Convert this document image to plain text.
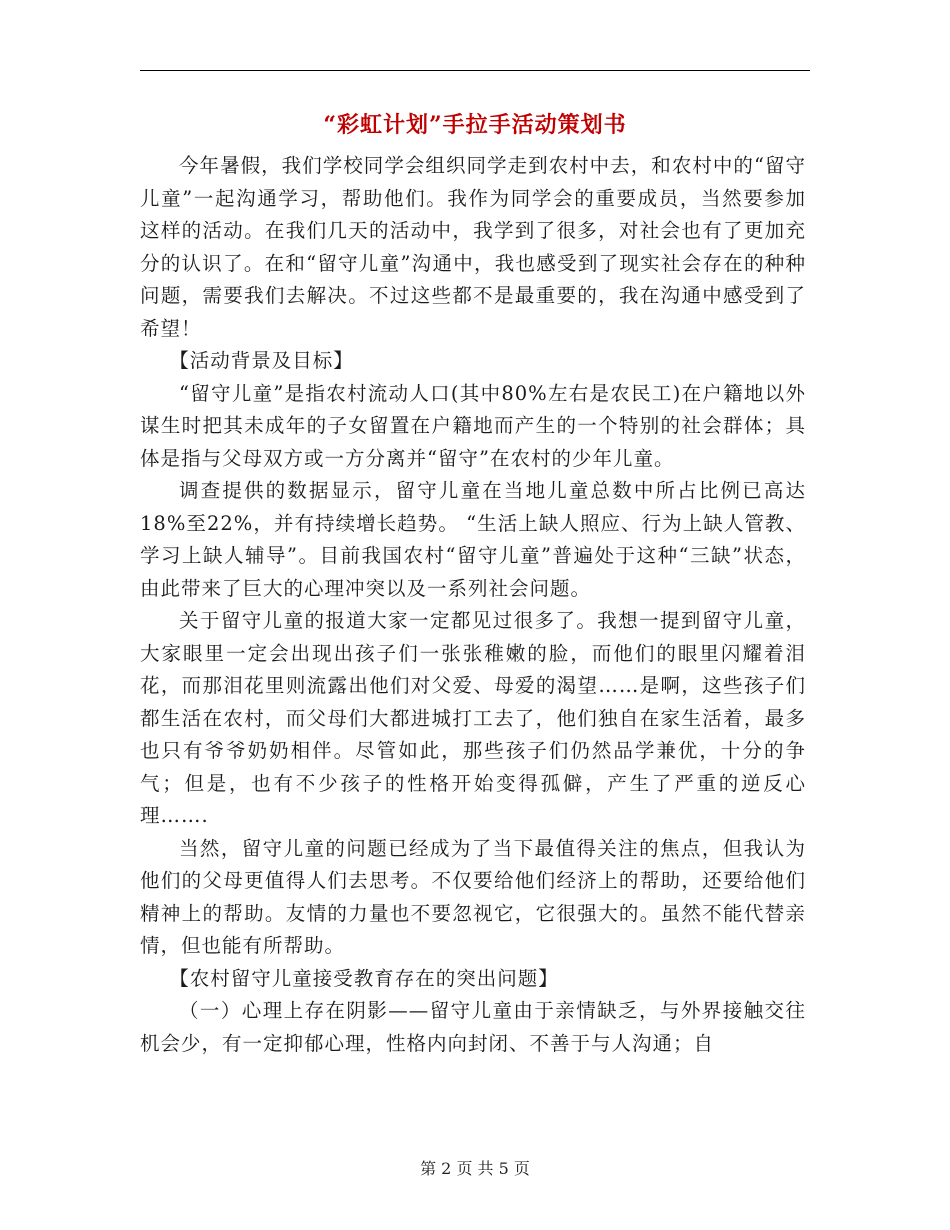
“彩虹计划”手拉手活动策划书

今年暑假，我们学校同学会组织同学走到农村中去，和农村中的“留守儿童”一起沟通学习，帮助他们。我作为同学会的重要成员，当然要参加这样的活动。在我们几天的活动中，我学到了很多，对社会也有了更加充分的认识了。在和“留守儿童”沟通中，我也感受到了现实社会存在的种种问题，需要我们去解决。不过这些都不是最重要的，我在沟通中感受到了希望！

【活动背景及目标】

“留守儿童”是指农村流动人口(其中80%左右是农民工)在户籍地以外谋生时把其未成年的子女留置在户籍地而产生的一个特别的社会群体；具体是指与父母双方或一方分离并“留守”在农村的少年儿童。

调查提供的数据显示，留守儿童在当地儿童总数中所占比例已高达18%至22%，并有持续增长趋势。 “生活上缺人照应、行为上缺人管教、学习上缺人辅导”。目前我国农村“留守儿童”普遍处于这种“三缺”状态，由此带来了巨大的心理冲突以及一系列社会问题。

关于留守儿童的报道大家一定都见过很多了。我想一提到留守儿童，大家眼里一定会出现出孩子们一张张稚嫩的脸，而他们的眼里闪耀着泪花，而那泪花里则流露出他们对父爱、母爱的渴望……是啊，这些孩子们都生活在农村，而父母们大都进城打工去了，他们独自在家生活着，最多也只有爷爷奶奶相伴。尽管如此，那些孩子们仍然品学兼优，十分的争气；但是，也有不少孩子的性格开始变得孤僻，产生了严重的逆反心理…….

当然，留守儿童的问题已经成为了当下最值得关注的焦点，但我认为他们的父母更值得人们去思考。不仅要给他们经济上的帮助，还要给他们精神上的帮助。友情的力量也不要忽视它，它很强大的。虽然不能代替亲情，但也能有所帮助。

【农村留守儿童接受教育存在的突出问题】

（一）心理上存在阴影——留守儿童由于亲情缺乏，与外界接触交往机会少，有一定抑郁心理，性格内向封闭、不善于与人沟通；自

第 2 页 共 5 页
